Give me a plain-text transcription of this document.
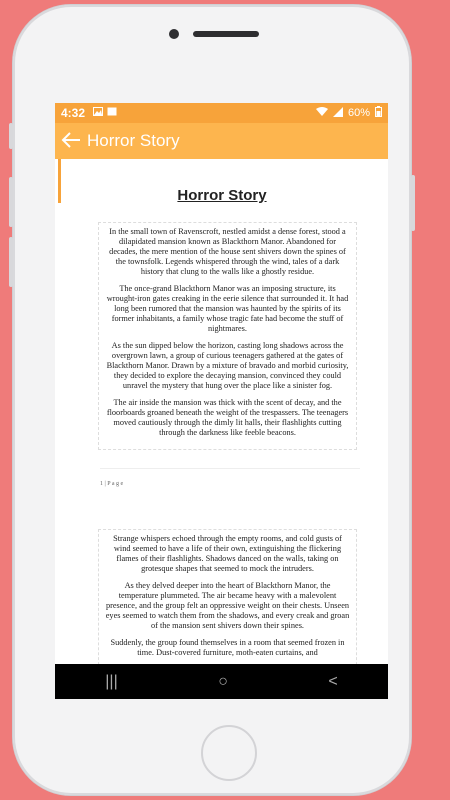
4:32	60%
Horror Story
Horror Story

In the small town of Ravenscroft, nestled amidst a dense forest, stood a dilapidated mansion known as Blackthorn Manor. Abandoned for decades, the mere mention of the house sent shivers down the spines of the townsfolk. Legends whispered through the wind, tales of a dark history that clung to the walls like a ghostly residue.

The once-grand Blackthorn Manor was an imposing structure, its wrought-iron gates creaking in the eerie silence that surrounded it. It had long been rumored that the mansion was haunted by the spirits of its former inhabitants, a family whose tragic fate had become the stuff of nightmares.

As the sun dipped below the horizon, casting long shadows across the overgrown lawn, a group of curious teenagers gathered at the gates of Blackthorn Manor. Drawn by a mixture of bravado and morbid curiosity, they decided to explore the decaying mansion, convinced they could unravel the mystery that hung over the place like a sinister fog.

The air inside the mansion was thick with the scent of decay, and the floorboards groaned beneath the weight of the trespassers. The teenagers moved cautiously through the dimly lit halls, their flashlights cutting through the darkness like feeble beacons.

1 | P a g e

Strange whispers echoed through the empty rooms, and cold gusts of wind seemed to have a life of their own, extinguishing the flickering flames of their flashlights. Shadows danced on the walls, taking on grotesque shapes that seemed to mock the intruders.

As they delved deeper into the heart of Blackthorn Manor, the temperature plummeted. The air became heavy with a malevolent presence, and the group felt an oppressive weight on their chests. Unseen eyes seemed to watch them from the shadows, and every creak and groan of the mansion sent shivers down their spines.

Suddenly, the group found themselves in a room that seemed frozen in time. Dust-covered furniture, moth-eaten curtains, and

|||	○	<
